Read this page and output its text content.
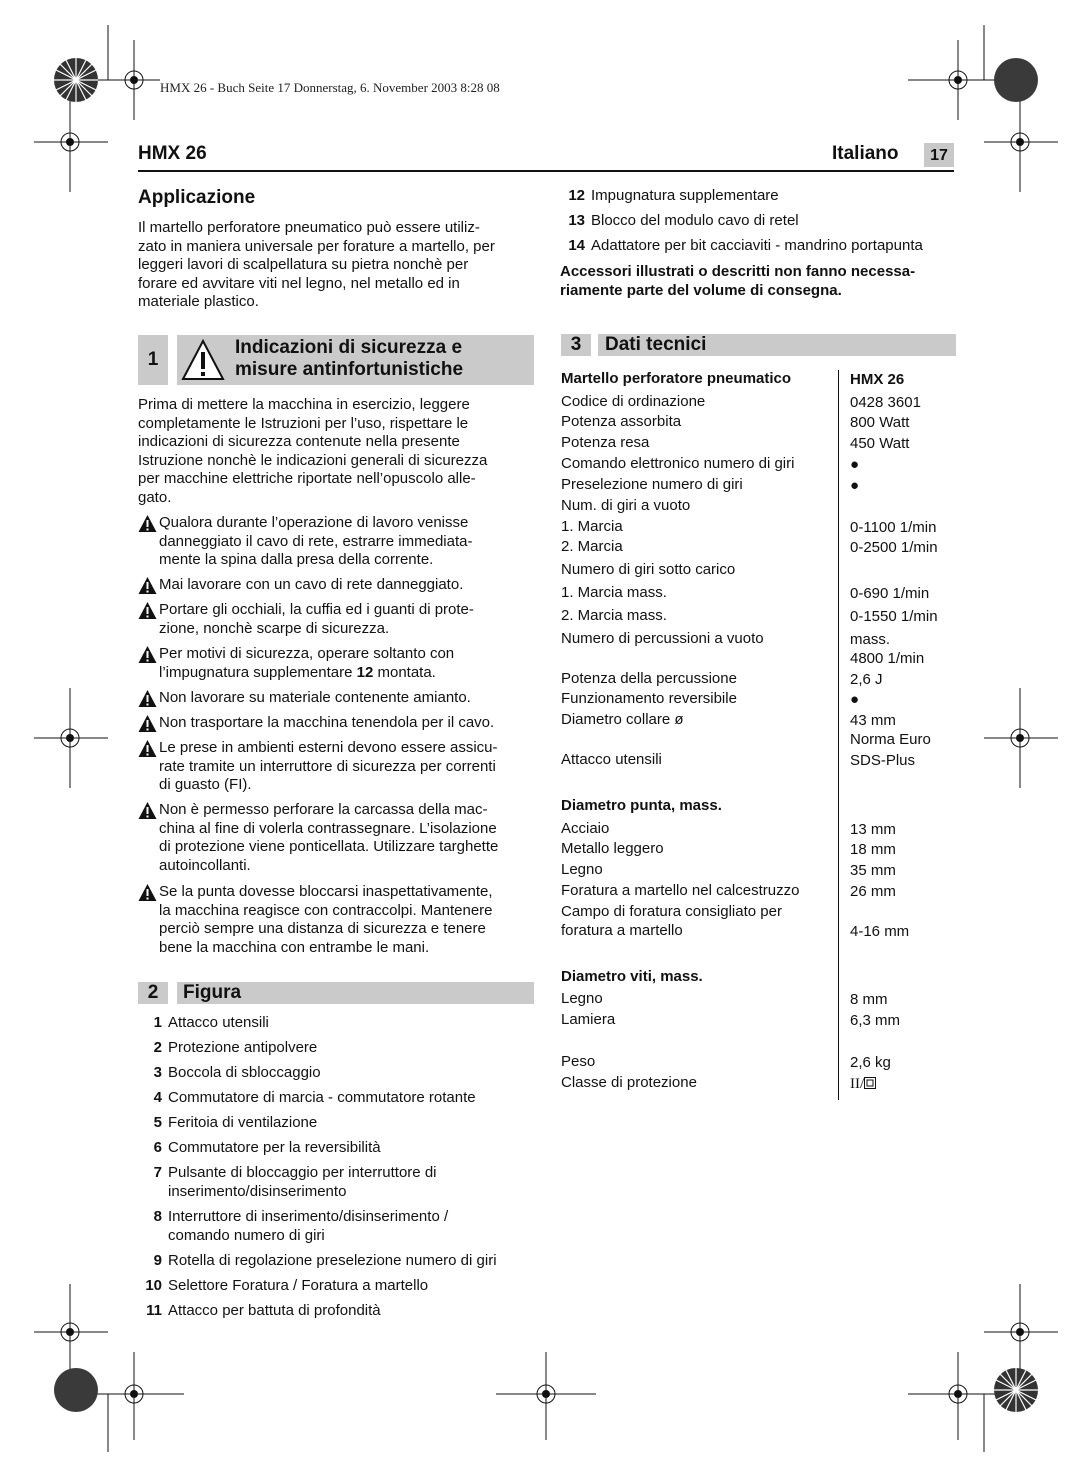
HMX 26 - Buch Seite 17 Donnerstag, 6. November 2003 8:28 08
HMX 26	Italiano	17
Applicazione
Il martello perforatore pneumatico può essere utiliz-
zato in maniera universale per forature a martello, per
leggeri lavori di scalpellatura su pietra nonchè per
forare ed avvitare viti nel legno, nel metallo ed in
materiale plastico.
1
Indicazioni di sicurezza e
misure antinfortunistiche
Prima di mettere la macchina in esercizio, leggere
completamente le Istruzioni per l’uso, rispettare le
indicazioni di sicurezza contenute nella presente
Istruzione nonchè le indicazioni generali di sicurezza
per macchine elettriche riportate nell’opuscolo alle-
gato.
Qualora durante l’operazione di lavoro venisse
danneggiato il cavo di rete, estrarre immediata-
mente la spina dalla presa della corrente.
Mai lavorare con un cavo di rete danneggiato.
Portare gli occhiali, la cuffia ed i guanti di prote-
zione, nonchè scarpe di sicurezza.
Per motivi di sicurezza, operare soltanto con
l’impugnatura supplementare 12 montata.
Non lavorare su materiale contenente amianto.
Non trasportare la macchina tenendola per il cavo.
Le prese in ambienti esterni devono essere assicu-
rate tramite un interruttore di sicurezza per correnti
di guasto (FI).
Non è permesso perforare la carcassa della mac-
china al fine di volerla contrassegnare. L’isolazione
di protezione viene ponticellata. Utilizzare targhette
autoincollanti.
Se la punta dovesse bloccarsi inaspettativamente,
la macchina reagisce con contraccolpi. Mantenere
perciò sempre una distanza di sicurezza e tenere
bene la macchina con entrambe le mani.
2	Figura
1 Attacco utensili
2 Protezione antipolvere
3 Boccola di sbloccaggio
4 Commutatore di marcia - commutatore rotante
5 Feritoia di ventilazione
6 Commutatore per la reversibilità
7 Pulsante di bloccaggio per interruttore di
inserimento/disinserimento
8 Interruttore di inserimento/disinserimento /
comando numero di giri
9 Rotella di regolazione preselezione numero di giri
10 Selettore Foratura / Foratura a martello
11 Attacco per battuta di profondità
12 Impugnatura supplementare
13 Blocco del modulo cavo di retel
14 Adattatore per bit cacciaviti - mandrino portapunta
Accessori illustrati o descritti non fanno necessa-
riamente parte del volume di consegna.
3	Dati tecnici
Martello perforatore pneumatico	HMX 26
Codice di ordinazione	0428 3601
Potenza assorbita	800 Watt
Potenza resa	450 Watt
Comando elettronico numero di giri	●
Preselezione numero di giri	●
Num. di giri a vuoto
1. Marcia	0-1100 1/min
2. Marcia	0-2500 1/min
Numero di giri sotto carico
1. Marcia mass.	0-690 1/min
2. Marcia mass.	0-1550 1/min
Numero di percussioni a vuoto	mass.
4800 1/min
Potenza della percussione	2,6 J
Funzionamento reversibile	●
Diametro collare ø	43 mm
Norma Euro
Attacco utensili	SDS-Plus
Diametro punta, mass.
Acciaio	13 mm
Metallo leggero	18 mm
Legno	35 mm
Foratura a martello nel calcestruzzo	26 mm
Campo di foratura consigliato per
foratura a martello	4-16 mm
Diametro viti, mass.
Legno	8 mm
Lamiera	6,3 mm
Peso	2,6 kg
Classe di protezione	II/
